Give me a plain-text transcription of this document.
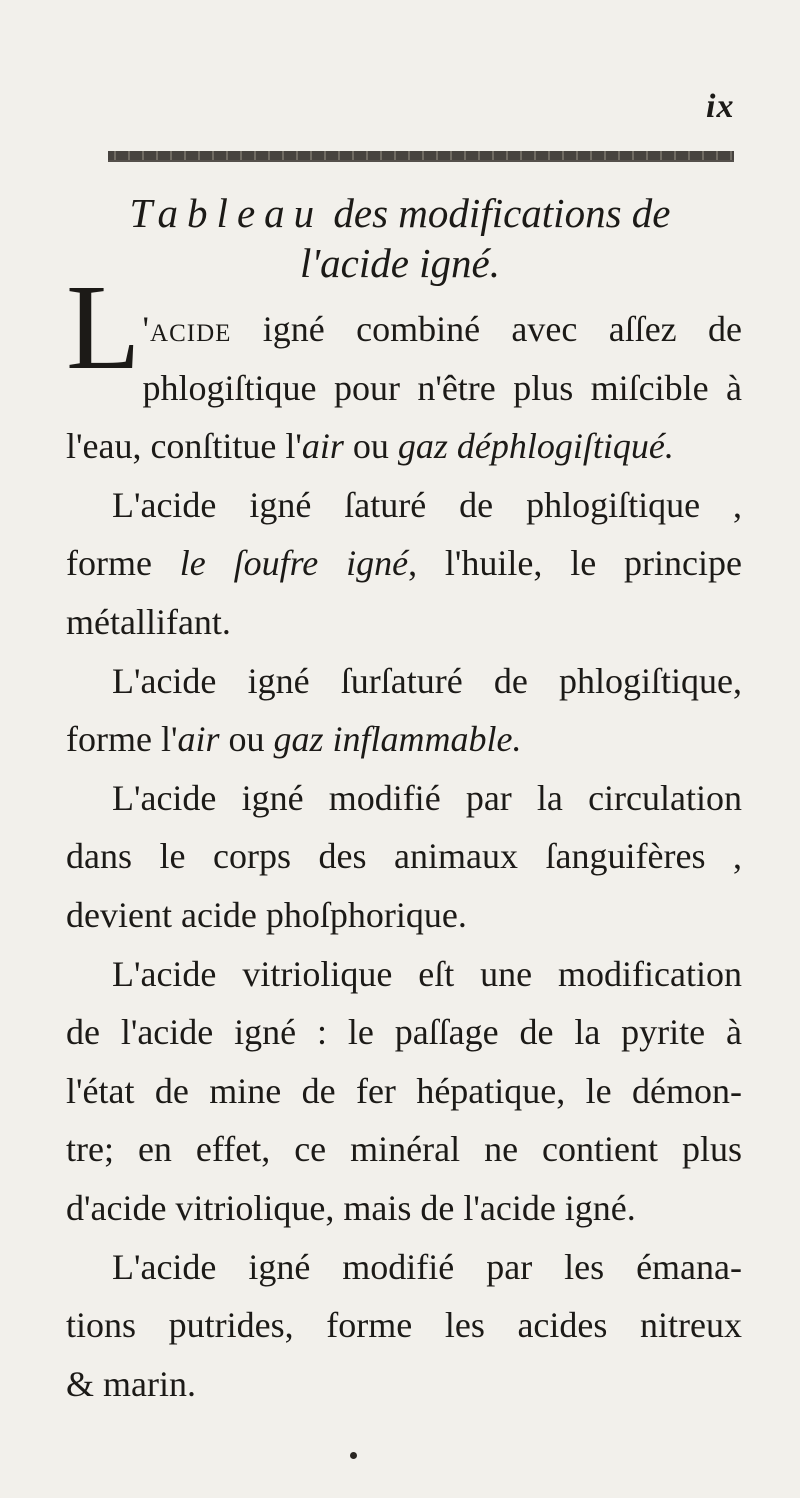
ix
Tableau des modifications de
l'acide igné.
L 'acide igné combiné avec aſſez de
phlogiſtique pour n'être plus miſcible à
l'eau, conſtitue l'air ou gaz déphlogiſtiqué.
L'acide igné ſaturé de phlogiſtique ,
forme le ſoufre igné, l'huile, le principe
métallifant.
L'acide igné ſurſaturé de phlogiſtique,
forme l'air ou gaz inflammable.
L'acide igné modifié par la circulation
dans le corps des animaux ſanguifères ,
devient acide phoſphorique.
L'acide vitriolique eſt une modification
de l'acide igné : le paſſage de la pyrite à
l'état de mine de fer hépatique, le démon-
tre; en effet, ce minéral ne contient plus
d'acide vitriolique, mais de l'acide igné.
L'acide igné modifié par les émana-
tions putrides, forme les acides nitreux
& marin.
